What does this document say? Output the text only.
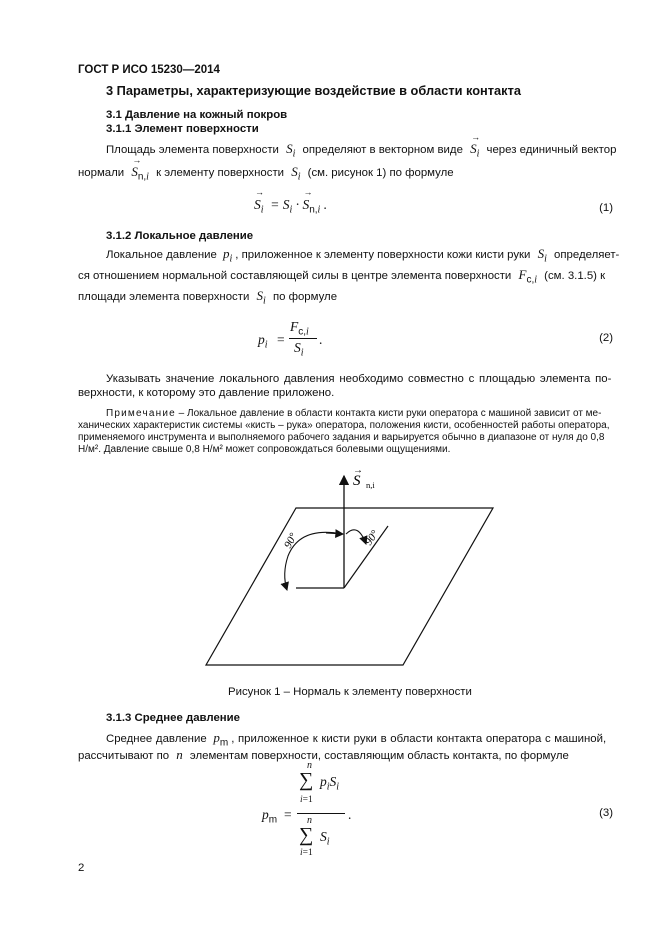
ГОСТ Р ИСО 15230—2014
3 Параметры, характеризующие воздействие в области контакта
3.1 Давление на кожный покров
3.1.1 Элемент поверхности
Площадь элемента поверхности $S_i$ определяют в векторном виде S
→
$_i$ через единичный вектор
нормали S
→
$_{n,i}$ к элементу поверхности $S_i$ (см. рисунок 1) по формуле
S
→
$_i = S_i \cdot S$
→
$_{n,i}$ .	(1)
3.1.2 Локальное давление
Локальное давление $p_i$ , приложенное к элементу поверхности кожи кисти руки $S_i$ определяет-
ся отношением нормальной составляющей силы в центре элемента поверхности $F_{c,i}$ (см. 3.1.5) к
площади элемента поверхности $S_i$ по формуле
$p_i$ =
$F_{c,i}$
$S_i$
.	(2)
Указывать значение локального давления необходимо совместно с площадью элемента по-
верхности, к которому это давление приложено.
Примечание – Локальное давление в области контакта кисти руки оператора с машиной зависит от ме-
ханических характеристик системы «кисть – рука» оператора, положения кисти, особенностей работы оператора,
применяемого инструмента и выполняемого рабочего задания и варьируется обычно в диапазоне от нуля до 0,8
Н/м². Давление свыше 0,8 Н/м² может сопровождаться болевыми ощущениями.
S
→
n,i
90°	90°
Рисунок 1 – Нормаль к элементу поверхности
3.1.3 Среднее давление
Среднее давление $p_m$ , приложенное к кисти руки в области контакта оператора с машиной,
рассчитывают по n элементам поверхности, составляющим область контакта, по формуле
$p_m$ =
n
∑ $p_iS_i$
i=1
n
∑ $S_i$
i=1
.	(3)
2
